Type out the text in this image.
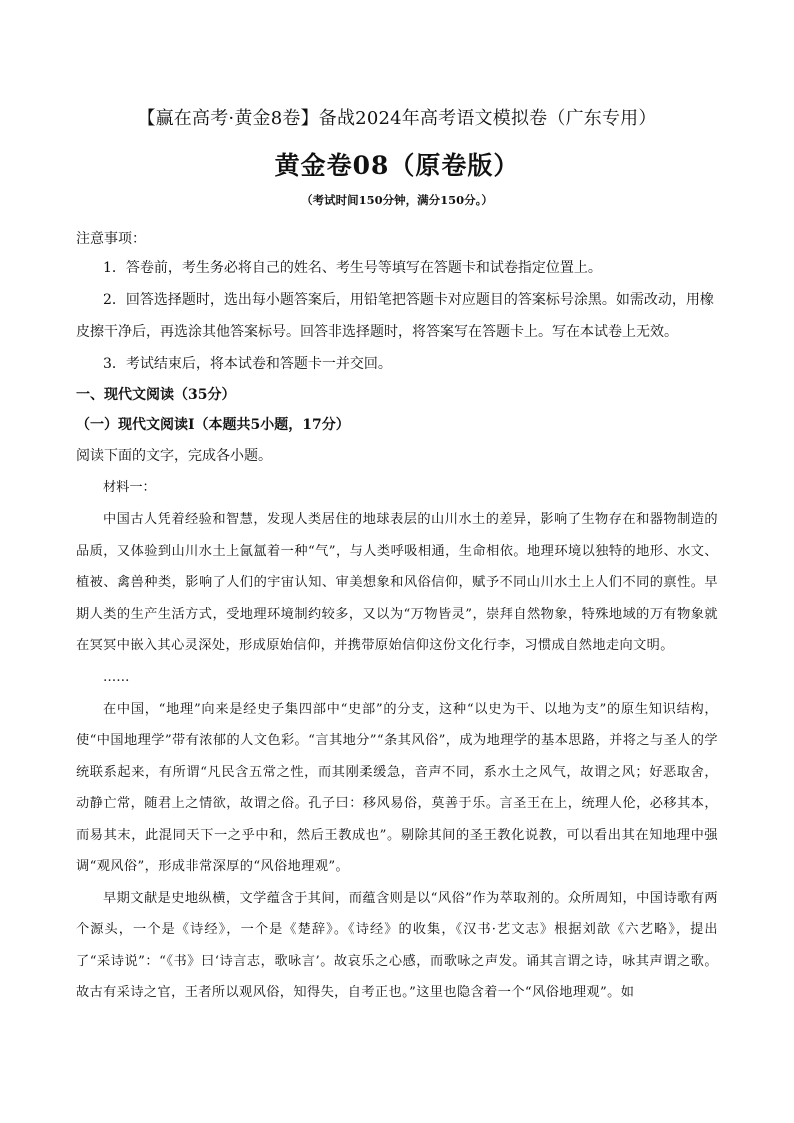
【赢在高考·黄金8卷】备战2024年高考语文模拟卷（广东专用）
黄金卷08（原卷版）
（考试时间150分钟，满分150分。）
注意事项：

1．答卷前，考生务必将自己的姓名、考生号等填写在答题卡和试卷指定位置上。

2．回答选择题时，选出每小题答案后，用铅笔把答题卡对应题目的答案标号涂黑。如需改动，用橡皮擦干净后，再选涂其他答案标号。回答非选择题时，将答案写在答题卡上。写在本试卷上无效。

3．考试结束后，将本试卷和答题卡一并交回。

一、现代文阅读（35分）
（一）现代文阅读I（本题共5小题，17分）
阅读下面的文字，完成各小题。
材料一：

中国古人凭着经验和智慧，发现人类居住的地球表层的山川水土的差异，影响了生物存在和器物制造的品质，又体验到山川水土上氤氲着一种“气”，与人类呼吸相通，生命相依。地理环境以独特的地形、水文、植被、禽兽种类，影响了人们的宇宙认知、审美想象和风俗信仰，赋予不同山川水土上人们不同的禀性。早期人类的生产生活方式，受地理环境制约较多，又以为“万物皆灵”，崇拜自然物象，特殊地域的万有物象就在冥冥中嵌入其心灵深处，形成原始信仰，并携带原始信仰这份文化行李，习惯成自然地走向文明。

……

在中国，“地理”向来是经史子集四部中“史部”的分支，这种“以史为干、以地为支”的原生知识结构，使“中国地理学”带有浓郁的人文色彩。“言其地分”“条其风俗”，成为地理学的基本思路，并将之与圣人的学统联系起来，有所谓“凡民含五常之性，而其刚柔缓急，音声不同，系水土之风气，故谓之风；好恶取舍，动静亡常，随君上之情欲，故谓之俗。孔子曰：移风易俗，莫善于乐。言圣王在上，统理人伦，必移其本，而易其末，此混同天下一之乎中和，然后王教成也”。剔除其间的圣王教化说教，可以看出其在知地理中强调“观风俗”，形成非常深厚的“风俗地理观”。

早期文献是史地纵横，文学蕴含于其间，而蕴含则是以“风俗”作为萃取剂的。众所周知，中国诗歌有两个源头，一个是《诗经》，一个是《楚辞》。《诗经》的收集，《汉书·艺文志》根据刘歆《六艺略》，提出了“采诗说”：“《书》曰‘诗言志，歌咏言’。故哀乐之心感，而歌咏之声发。诵其言谓之诗，咏其声谓之歌。故古有采诗之官，王者所以观风俗，知得失，自考正也。”这里也隐含着一个“风俗地理观”。如
